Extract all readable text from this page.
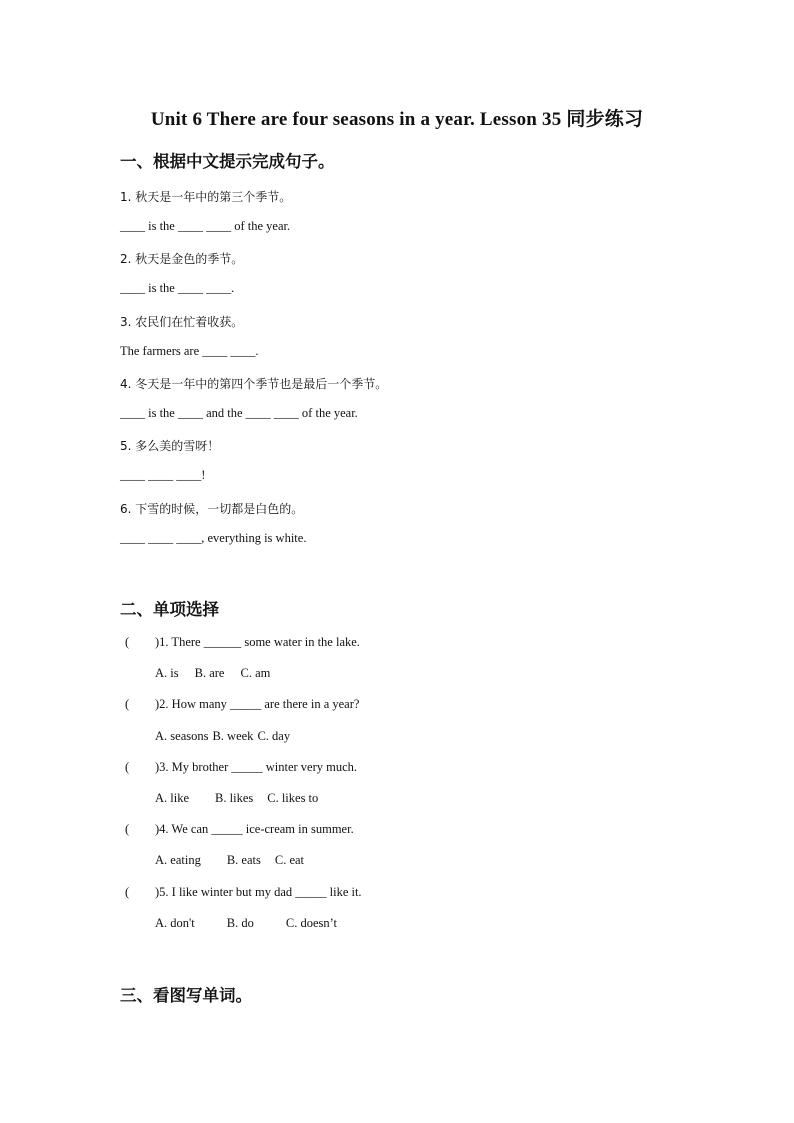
Unit 6 There are four seasons in a year. Lesson 35 同步练习
一、根据中文提示完成句子。
1. 秋天是一年中的第三个季节。
____ is the ____ ____ of the year.
2. 秋天是金色的季节。
____ is the ____ ____.
3. 农民们在忙着收获。
The farmers are ____ ____.
4. 冬天是一年中的第四个季节也是最后一个季节。
____ is the ____ and the ____ ____ of the year.
5. 多么美的雪呀！
____ ____ ____!
6. 下雪的时候，一切都是白色的。
____ ____ ____, everything is white.
二、单项选择
( )1. There ______ some water in the lake.
A. is B. are C. am
( )2. How many _____ are there in a year?
A. seasons B. week C. day
( )3. My brother _____ winter very much.
A. like B. likes C. likes to
( )4. We can _____ ice-cream in summer.
A. eating B. eats C. eat
( )5. I like winter but my dad _____ like it.
A. don't	B. do	C. doesn’t
三、看图写单词。
